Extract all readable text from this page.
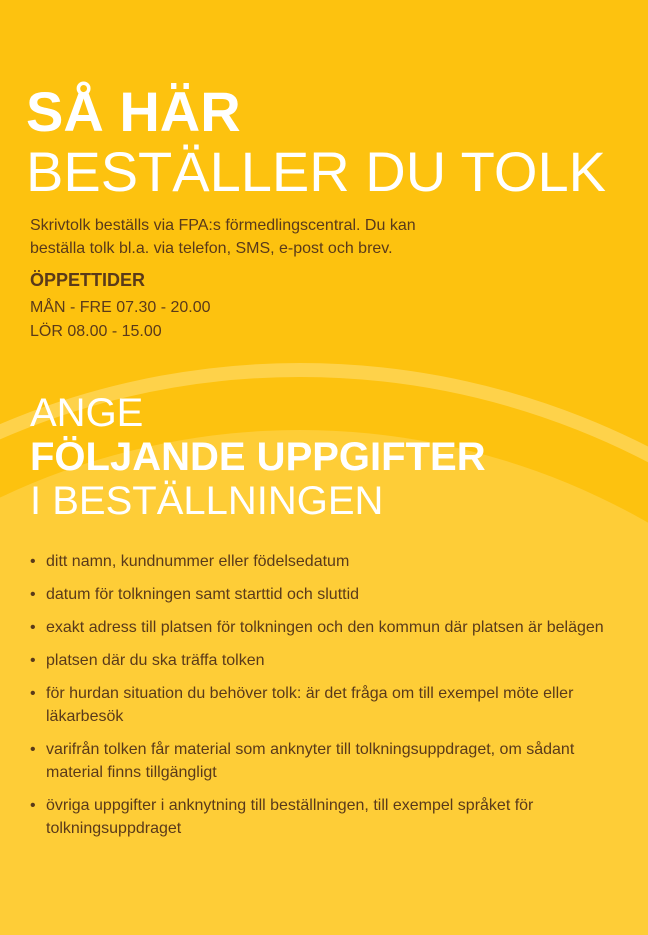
SÅ HÄR
BESTÄLLER DU TOLK

Skrivtolk beställs via FPA:s förmedlingscentral. Du kan beställa tolk bl.a. via telefon, SMS, e-post och brev.

ÖPPETTIDER

MÅN - FRE 07.30 - 20.00

LÖR 08.00 - 15.00

ANGE
FÖLJANDE UPPGIFTER
I BESTÄLLNINGEN
• ditt namn, kundnummer eller födelsedatum
• datum för tolkningen samt starttid och sluttid
• exakt adress till platsen för tolkningen och den kommun där platsen är belägen
• platsen där du ska träffa tolken
• för hurdan situation du behöver tolk: är det fråga om till exempel möte eller läkarbesök
• varifrån tolken får material som anknyter till tolkningsuppdraget, om sådant material finns tillgängligt
• övriga uppgifter i anknytning till beställningen, till exempel språket för tolkningsuppdraget
